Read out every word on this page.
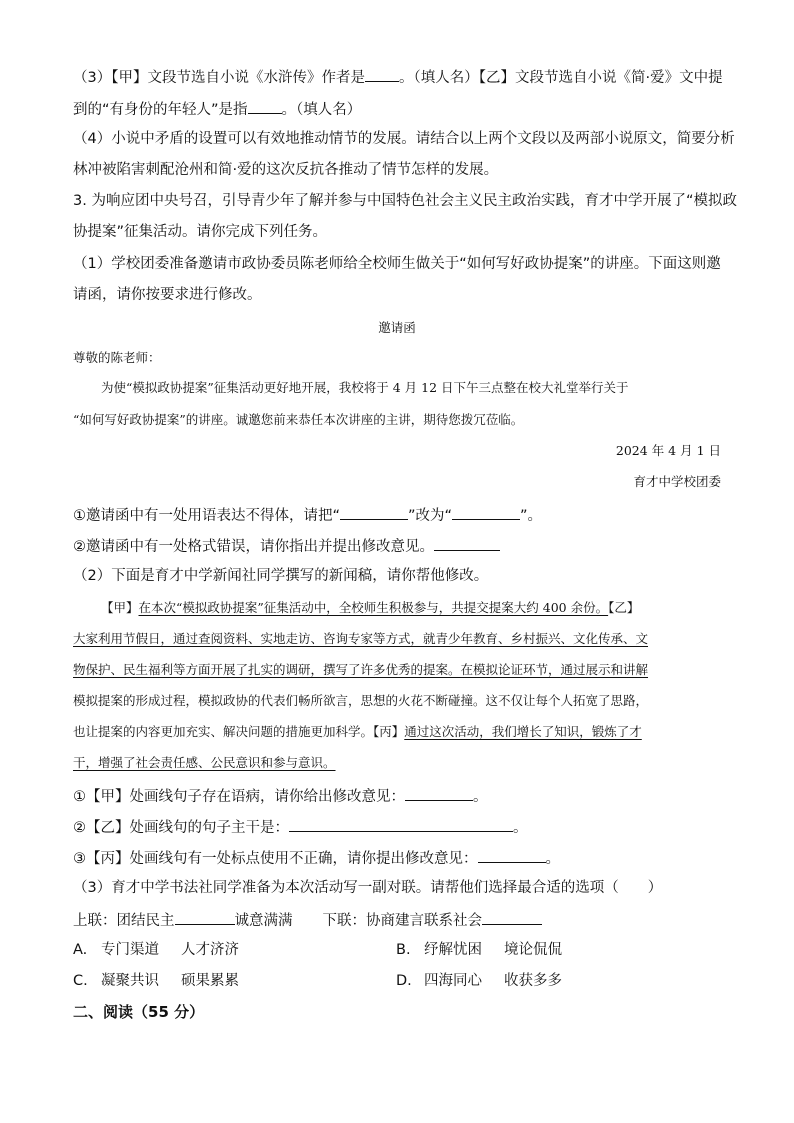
（3）【甲】文段节选自小说《水浒传》作者是 。（填人名）【乙】文段节选自小说《简·爱》文中提
到的“有身份的年轻人”是指 。（填人名）
（4）小说中矛盾的设置可以有效地推动情节的发展。请结合以上两个文段以及两部小说原文，简要分析
林冲被陷害刺配沧州和简·爱的这次反抗各推动了情节怎样的发展。
3. 为响应团中央号召，引导青少年了解并参与中国特色社会主义民主政治实践，育才中学开展了“模拟政
协提案”征集活动。请你完成下列任务。
（1）学校团委准备邀请市政协委员陈老师给全校师生做关于“如何写好政协提案”的讲座。下面这则邀
请函，请你按要求进行修改。
邀请函
尊敬的陈老师：
为使“模拟政协提案”征集活动更好地开展，我校将于 4 月 12 日下午三点整在校大礼堂举行关于
“如何写好政协提案”的讲座。诚邀您前来恭任本次讲座的主讲，期待您拨冗莅临。
2024 年 4 月 1 日
育才中学校团委
①邀请函中有一处用语表达不得体，请把“	”改为“	”。
②邀请函中有一处格式错误，请你指出并提出修改意见。
（2）下面是育才中学新闻社同学撰写的新闻稿，请你帮他修改。
【甲】在本次“模拟政协提案”征集活动中，全校师生积极参与，共提交提案大约 400 余份。【乙】
大家利用节假日，通过查阅资料、实地走访、咨询专家等方式，就青少年教育、乡村振兴、文化传承、文
物保护、民生福利等方面开展了扎实的调研，撰写了许多优秀的提案。在模拟论证环节，通过展示和讲解
模拟提案的形成过程，模拟政协的代表们畅所欲言，思想的火花不断碰撞。这不仅让每个人拓宽了思路，
也让提案的内容更加充实、解决问题的措施更加科学。【丙】通过这次活动，我们增长了知识，锻炼了才
干，增强了社会责任感、公民意识和参与意识。
①【甲】处画线句子存在语病，请你给出修改意见：	。
②【乙】处画线句的句子主干是：	。
③【丙】处画线句有一处标点使用不正确，请你提出修改意见：	。
（3）育才中学书法社同学准备为本次活动写一副对联。请帮他们选择最合适的选项（　　）
上联：团结民主	诚意满满 下联：协商建言联系社会
A. 专门渠道 人才济济	B. 纾解忧困 境论侃侃
C. 凝聚共识 硕果累累	D. 四海同心 收获多多
二、阅读（55 分）
